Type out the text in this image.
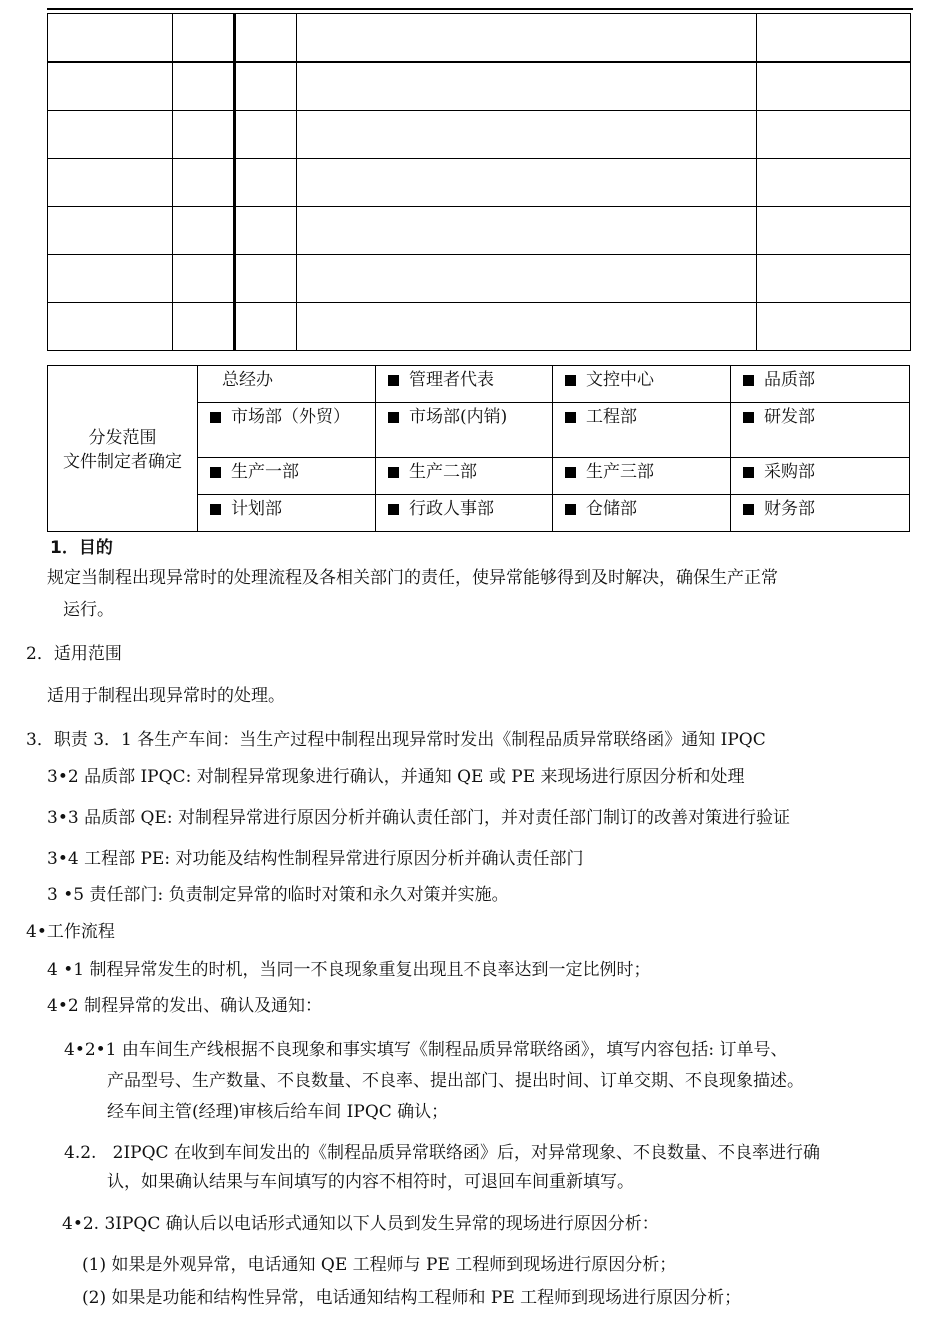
分发范围
文件制定者确定	总经办	管理者代表	文控中心	品质部
	市场部（外贸）	市场部(内销)	工程部	研发部
	生产一部	生产二部	生产三部	采购部
	计划部	行政人事部	仓储部	财务部
1．目的
规定当制程出现异常时的处理流程及各相关部门的责任，使异常能够得到及时解决，确保生产正常
运行。
2．适用范围
适用于制程出现异常时的处理。
3．职责 3．1 各生产车间：当生产过程中制程出现异常时发出《制程品质异常联络函》通知 IPQC
3•2 品质部 IPQC: 对制程异常现象进行确认，并通知 QE 或 PE 来现场进行原因分析和处理
3•3 品质部 QE: 对制程异常进行原因分析并确认责任部门，并对责任部门制订的改善对策进行验证
3•4 工程部 PE: 对功能及结构性制程异常进行原因分析并确认责任部门
3 •5 责任部门: 负责制定异常的临时对策和永久对策并实施。
4•工作流程
4 •1 制程异常发生的时机，当同一不良现象重复出现且不良率达到一定比例时；
4•2 制程异常的发出、确认及通知：
4•2•1 由车间生产线根据不良现象和事实填写《制程品质异常联络函》，填写内容包括: 订单号、
产品型号、生产数量、不良数量、不良率、提出部门、提出时间、订单交期、不良现象描述。
经车间主管(经理)审核后给车间 IPQC 确认；
4.2.   2IPQC 在收到车间发出的《制程品质异常联络函》后，对异常现象、不良数量、不良率进行确
认，如果确认结果与车间填写的内容不相符时，可退回车间重新填写。
4•2. 3IPQC 确认后以电话形式通知以下人员到发生异常的现场进行原因分析：
(1) 如果是外观异常，电话通知 QE 工程师与 PE 工程师到现场进行原因分析；
(2) 如果是功能和结构性异常，电话通知结构工程师和 PE 工程师到现场进行原因分析；
